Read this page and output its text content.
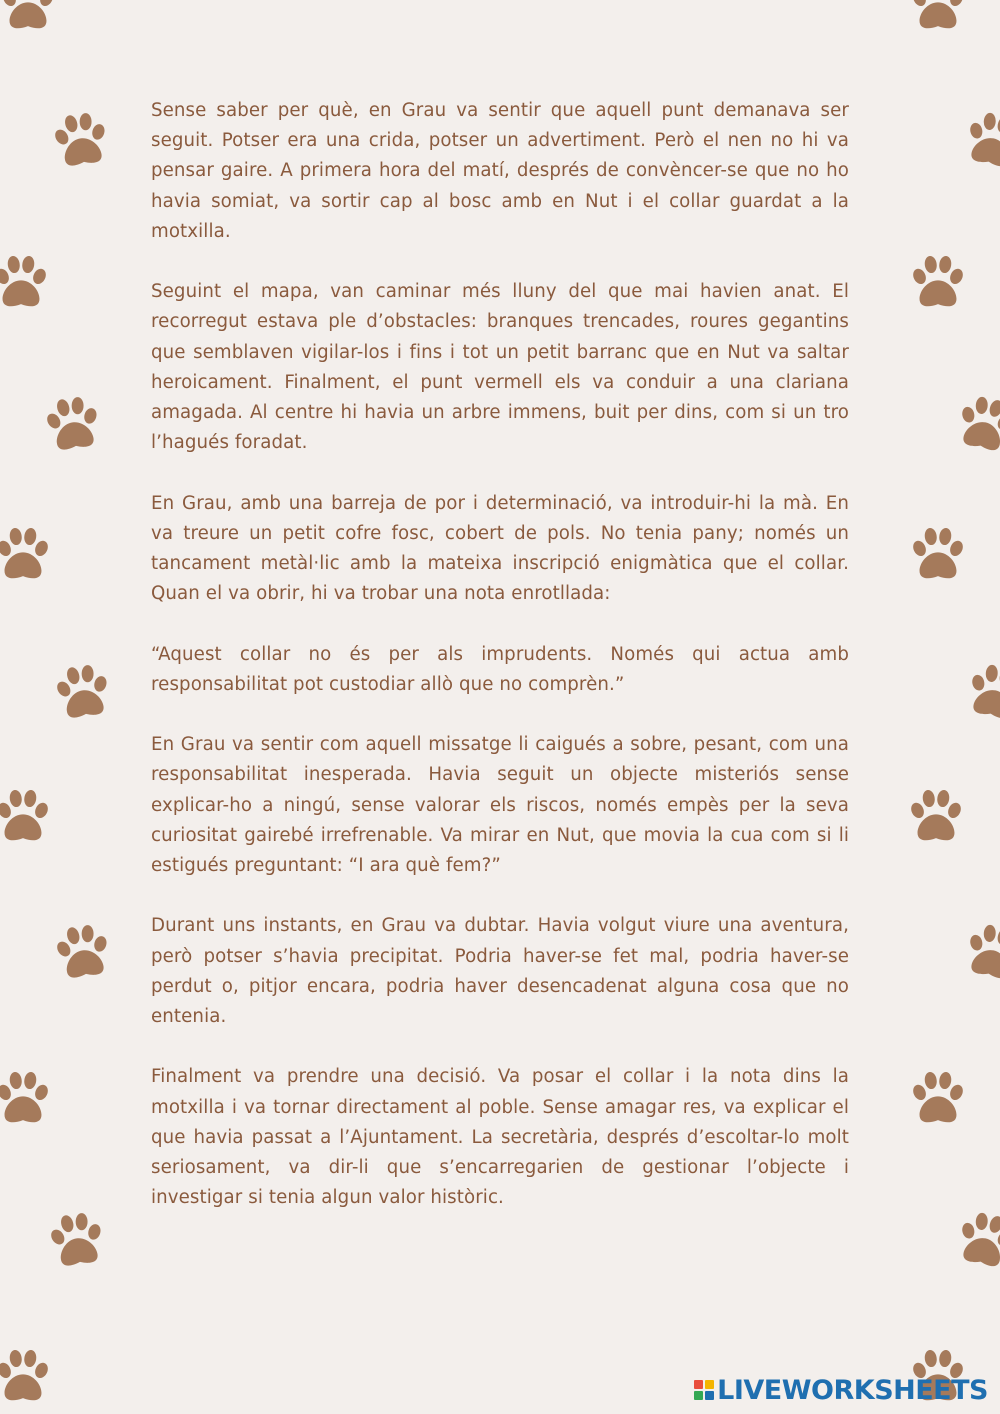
Sense saber per què, en Grau va sentir que aquell punt demanava ser seguit. Potser era una crida, potser un advertiment. Però el nen no hi va pensar gaire. A primera hora del matí, després de convèncer-se que no ho havia somiat, va sortir cap al bosc amb en Nut i el collar guardat a la motxilla.

Seguint el mapa, van caminar més lluny del que mai havien anat. El recorregut estava ple d’obstacles: branques trencades, roures gegantins que semblaven vigilar-los i fins i tot un petit barranc que en Nut va saltar heroicament. Finalment, el punt vermell els va conduir a una clariana amagada. Al centre hi havia un arbre immens, buit per dins, com si un tro l’hagués foradat.

En Grau, amb una barreja de por i determinació, va introduir-hi la mà. En va treure un petit cofre fosc, cobert de pols. No tenia pany; només un tancament metàl·lic amb la mateixa inscripció enigmàtica que el collar. Quan el va obrir, hi va trobar una nota enrotllada:

“Aquest collar no és per als imprudents. Només qui actua amb responsabilitat pot custodiar allò que no comprèn.”

En Grau va sentir com aquell missatge li caigués a sobre, pesant, com una responsabilitat inesperada. Havia seguit un objecte misteriós sense explicar-ho a ningú, sense valorar els riscos, només empès per la seva curiositat gairebé irrefrenable. Va mirar en Nut, que movia la cua com si li estigués preguntant: “I ara què fem?”

Durant uns instants, en Grau va dubtar. Havia volgut viure una aventura, però potser s’havia precipitat. Podria haver-se fet mal, podria haver-se perdut o, pitjor encara, podria haver desencadenat alguna cosa que no entenia.

Finalment va prendre una decisió. Va posar el collar i la nota dins la motxilla i va tornar directament al poble. Sense amagar res, va explicar el que havia passat a l’Ajuntament. La secretària, després d’escoltar-lo molt seriosament, va dir-li que s’encarregarien de gestionar l’objecte i investigar si tenia algun valor històric.

LIVEWORKSHEETS
